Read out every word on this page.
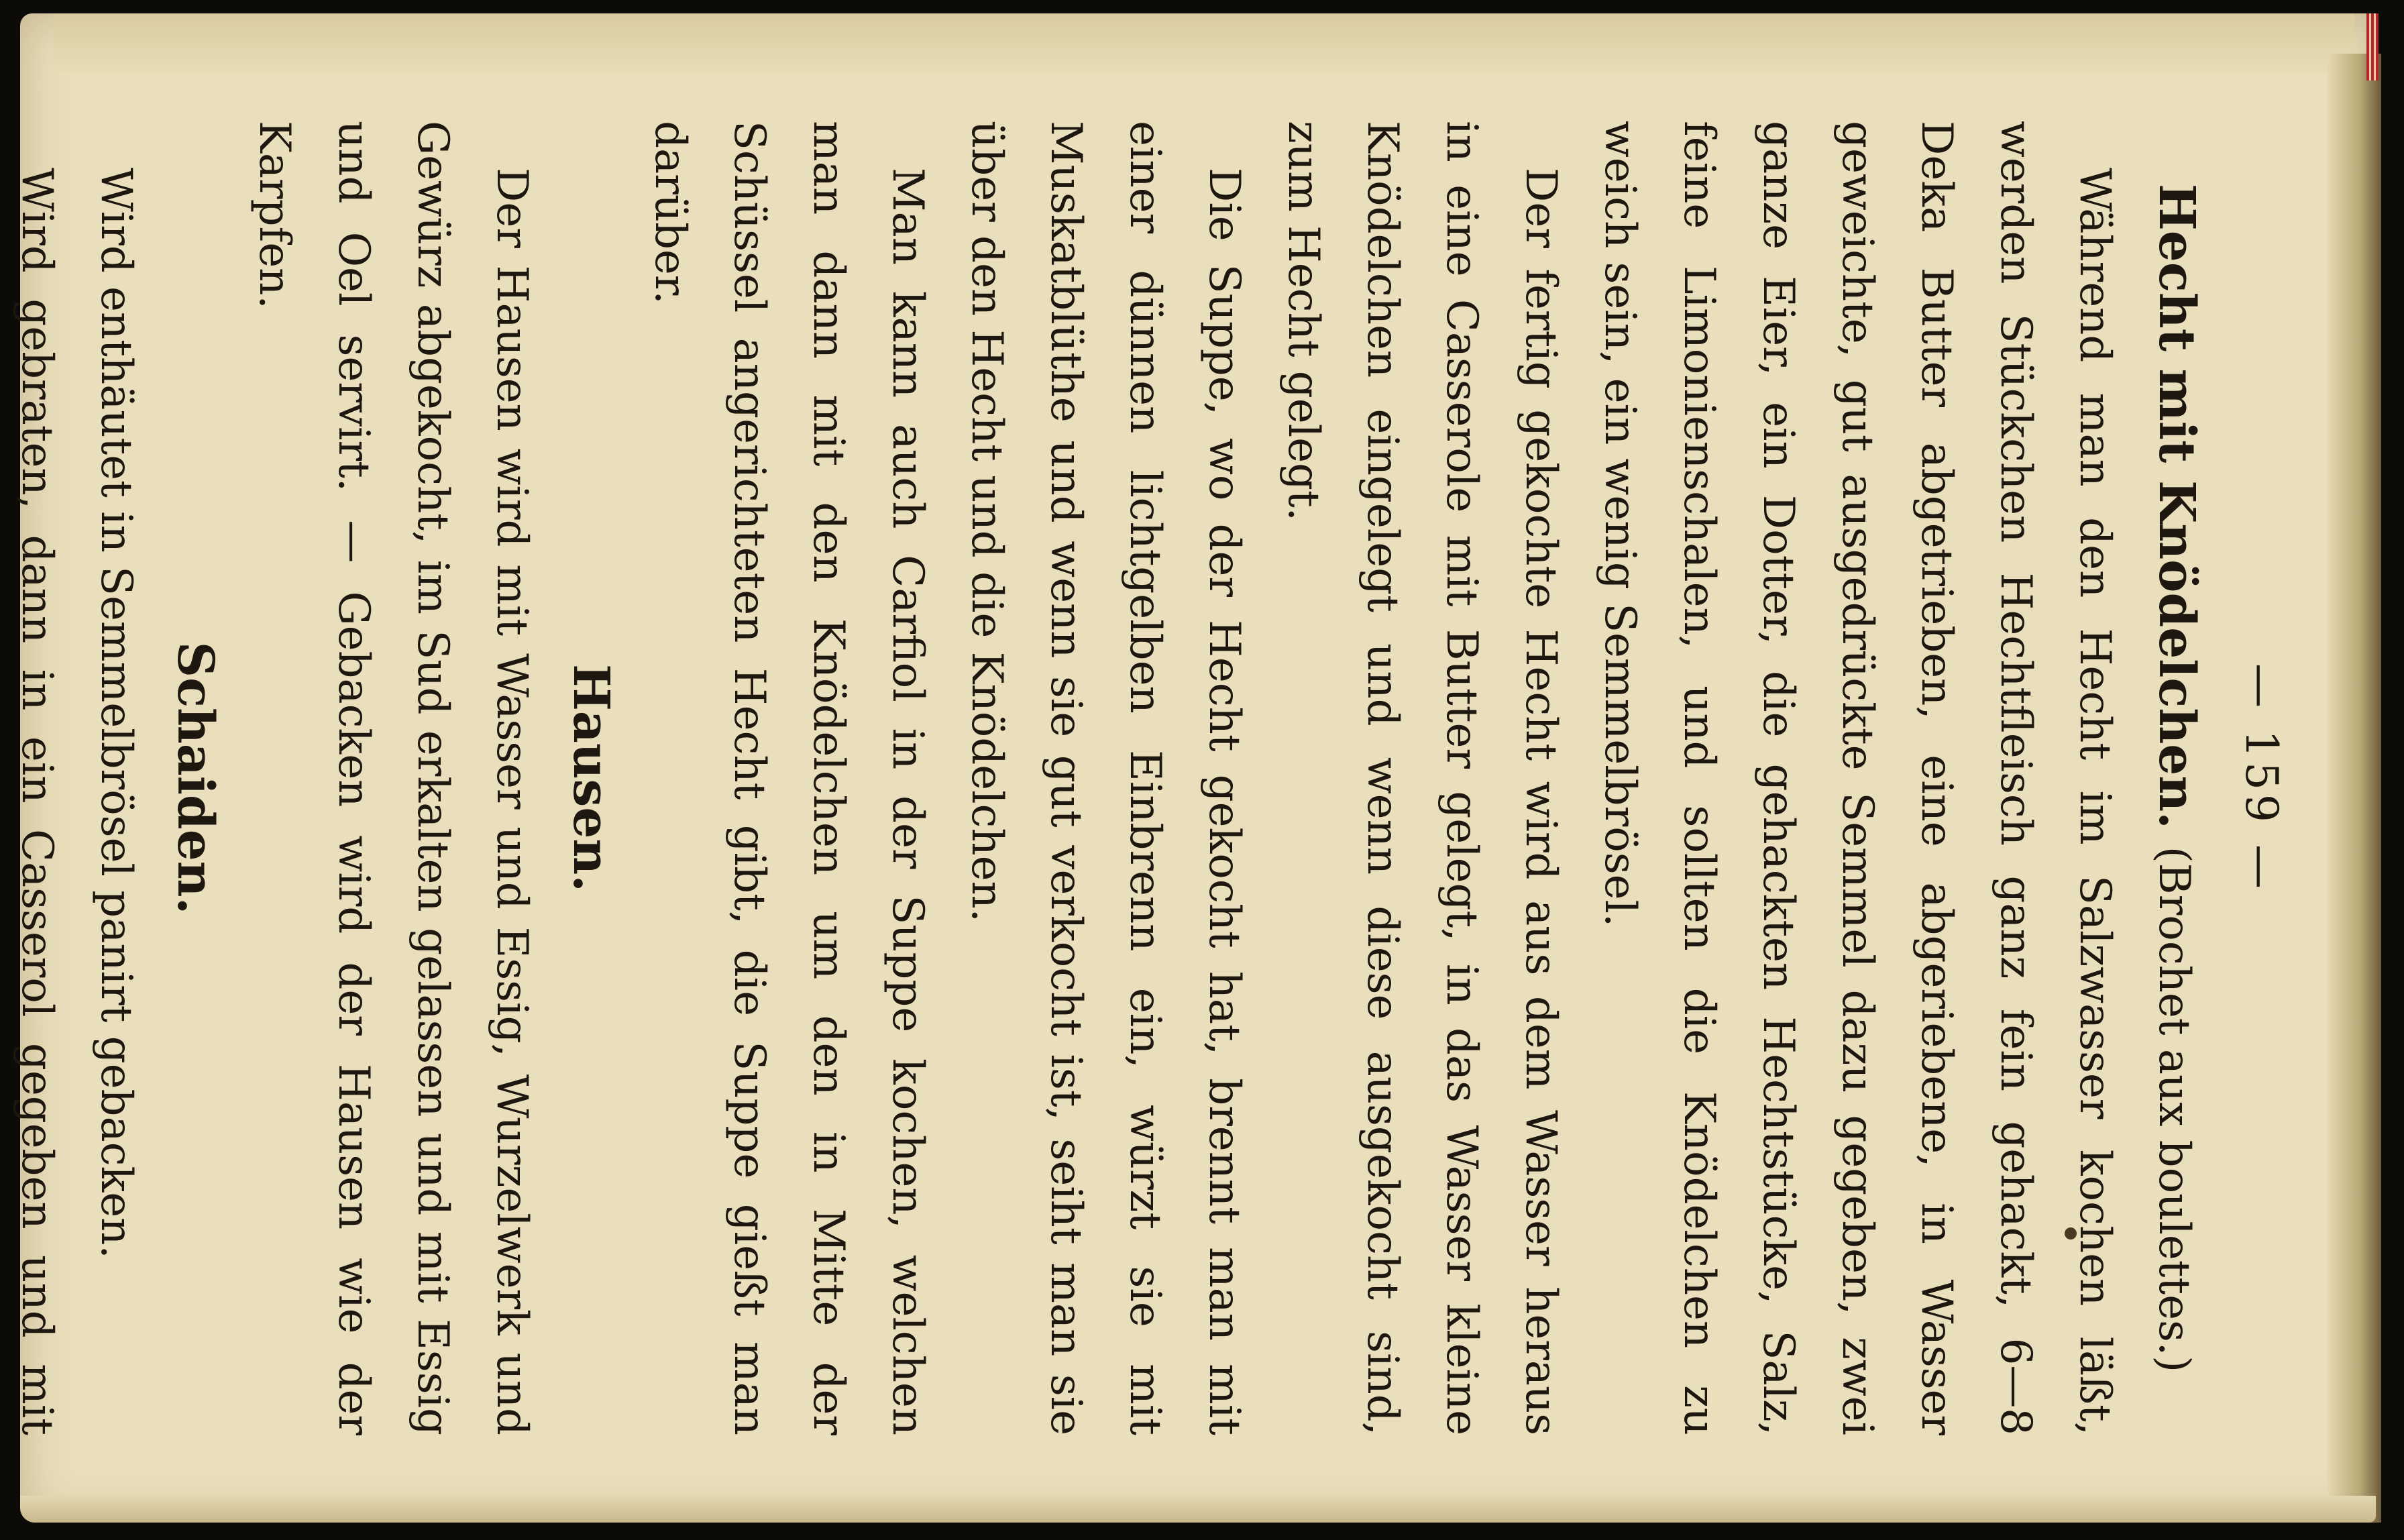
— 159 —
Hecht mit Knödelchen. (Brochet aux boulettes.)

Während man den Hecht im Salzwasser kochen läßt, werden Stückchen Hechtfleisch ganz fein gehackt, 6—8 Deka Butter abgetrieben, eine abgeriebene, in Wasser geweichte, gut ausgedrückte Semmel dazu gegeben, zwei ganze Eier, ein Dotter, die gehackten Hechtstücke, Salz, feine Limonienschalen, und sollten die Knödelchen zu weich sein, ein wenig Semmelbrösel.

Der fertig gekochte Hecht wird aus dem Wasser heraus in eine Casserole mit Butter gelegt, in das Wasser kleine Knödelchen eingelegt und wenn diese ausgekocht sind, zum Hecht gelegt.

Die Suppe, wo der Hecht gekocht hat, brennt man mit einer dünnen lichtgelben Einbrenn ein, würzt sie mit Muskatblüthe und wenn sie gut verkocht ist, seiht man sie über den Hecht und die Knödelchen.

Man kann auch Carfiol in der Suppe kochen, welchen man dann mit den Knödelchen um den in Mitte der Schüssel angerichteten Hecht gibt, die Suppe gießt man darüber.

Hausen.

Der Hausen wird mit Wasser und Essig, Wurzelwerk und Gewürz abgekocht, im Sud erkalten gelassen und mit Essig und Oel servirt. — Gebacken wird der Hausen wie der Karpfen.

Schaiden.

Wird enthäutet in Semmelbrösel panirt gebacken.

Wird gebraten, dann in ein Casserol gegeben und mit
